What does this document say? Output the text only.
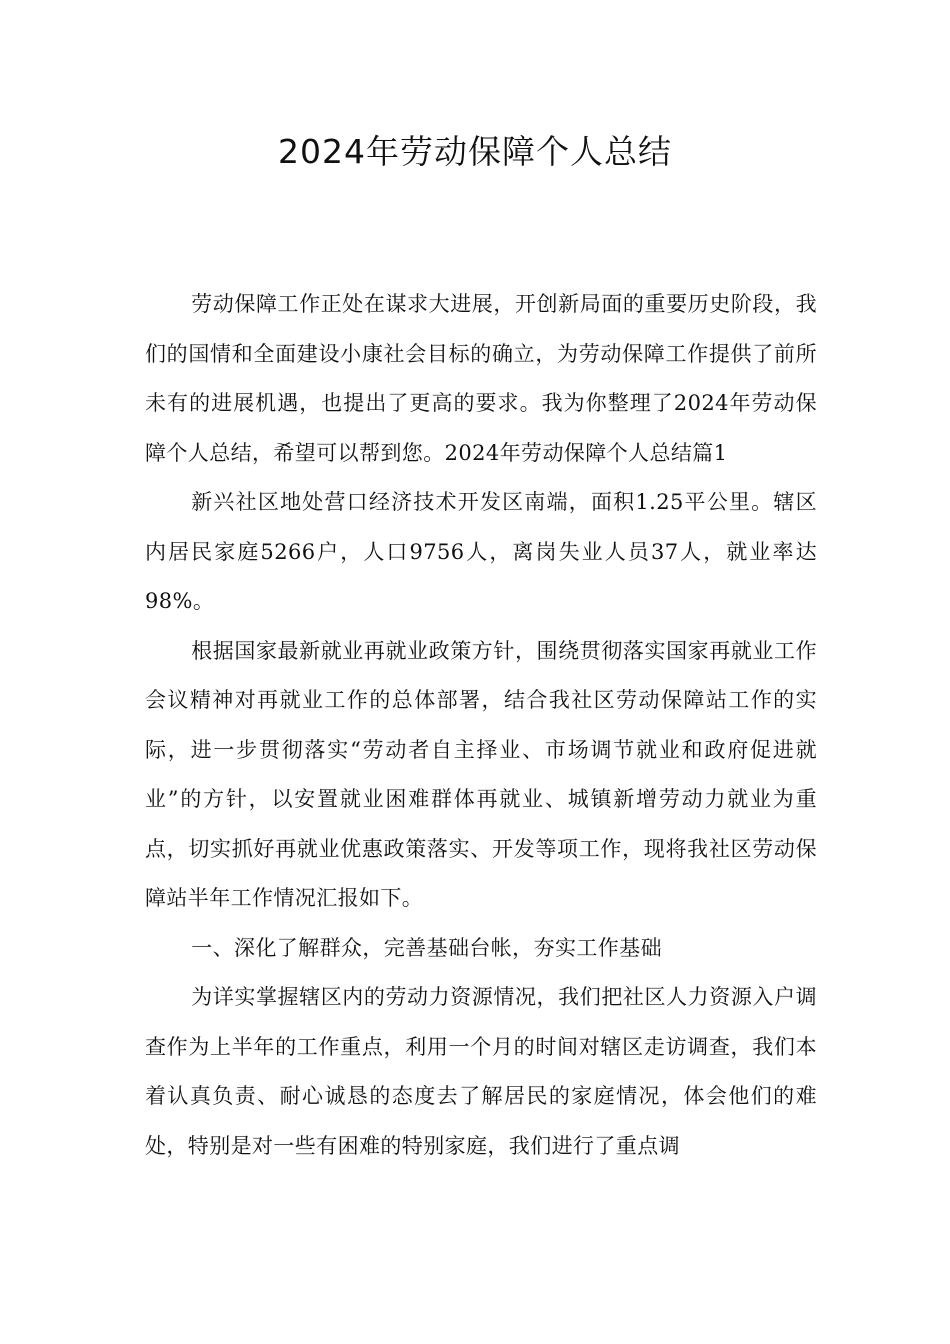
2024年劳动保障个人总结

劳动保障工作正处在谋求大进展，开创新局面的重要历史阶段，我们的国情和全面建设小康社会目标的确立，为劳动保障工作提供了前所未有的进展机遇，也提出了更高的要求。我为你整理了2024年劳动保障个人总结，希望可以帮到您。2024年劳动保障个人总结篇1

新兴社区地处营口经济技术开发区南端，面积1.25平公里。辖区内居民家庭5266户，人口9756人，离岗失业人员37人，就业率达98%。

根据国家最新就业再就业政策方针，围绕贯彻落实国家再就业工作会议精神对再就业工作的总体部署，结合我社区劳动保障站工作的实际，进一步贯彻落实“劳动者自主择业、市场调节就业和政府促进就业”的方针，以安置就业困难群体再就业、城镇新增劳动力就业为重点，切实抓好再就业优惠政策落实、开发等项工作，现将我社区劳动保障站半年工作情况汇报如下。

一、深化了解群众，完善基础台帐，夯实工作基础

为详实掌握辖区内的劳动力资源情况，我们把社区人力资源入户调查作为上半年的工作重点，利用一个月的时间对辖区走访调查，我们本着认真负责、耐心诚恳的态度去了解居民的家庭情况，体会他们的难处，特别是对一些有困难的特别家庭，我们进行了重点调
